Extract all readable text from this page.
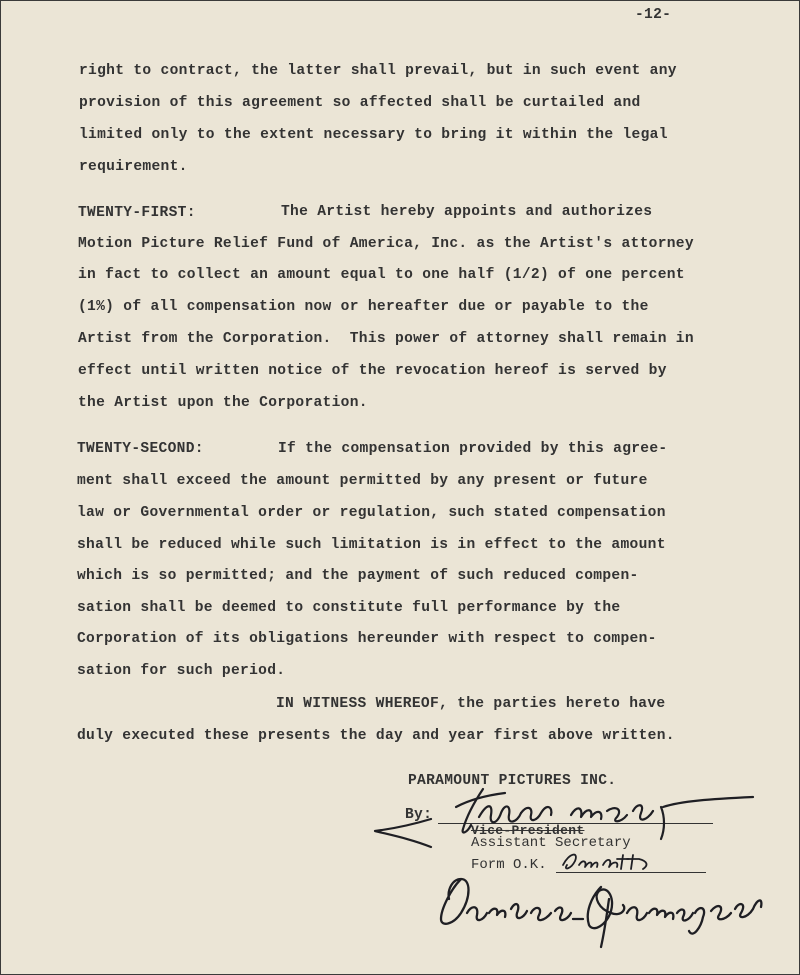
-12-
right to contract, the latter shall prevail, but in such event any
provision of this agreement so affected shall be curtailed and
limited only to the extent necessary to bring it within the legal
requirement.
TWENTY-FIRST:	The Artist hereby appoints and authorizes
Motion Picture Relief Fund of America, Inc. as the Artist's attorney
in fact to collect an amount equal to one half (1/2) of one percent
(1%) of all compensation now or hereafter due or payable to the
Artist from the Corporation.  This power of attorney shall remain in
effect until written notice of the revocation hereof is served by
the Artist upon the Corporation.
TWENTY-SECOND:	If the compensation provided by this agree-
ment shall exceed the amount permitted by any present or future
law or Governmental order or regulation, such stated compensation
shall be reduced while such limitation is in effect to the amount
which is so permitted; and the payment of such reduced compen-
sation shall be deemed to constitute full performance by the
Corporation of its obligations hereunder with respect to compen-
sation for such period.
IN WITNESS WHEREOF, the parties hereto have
duly executed these presents the day and year first above written.
PARAMOUNT PICTURES INC.
By:
Vice-President
Assistant Secretary
Form O.K.
